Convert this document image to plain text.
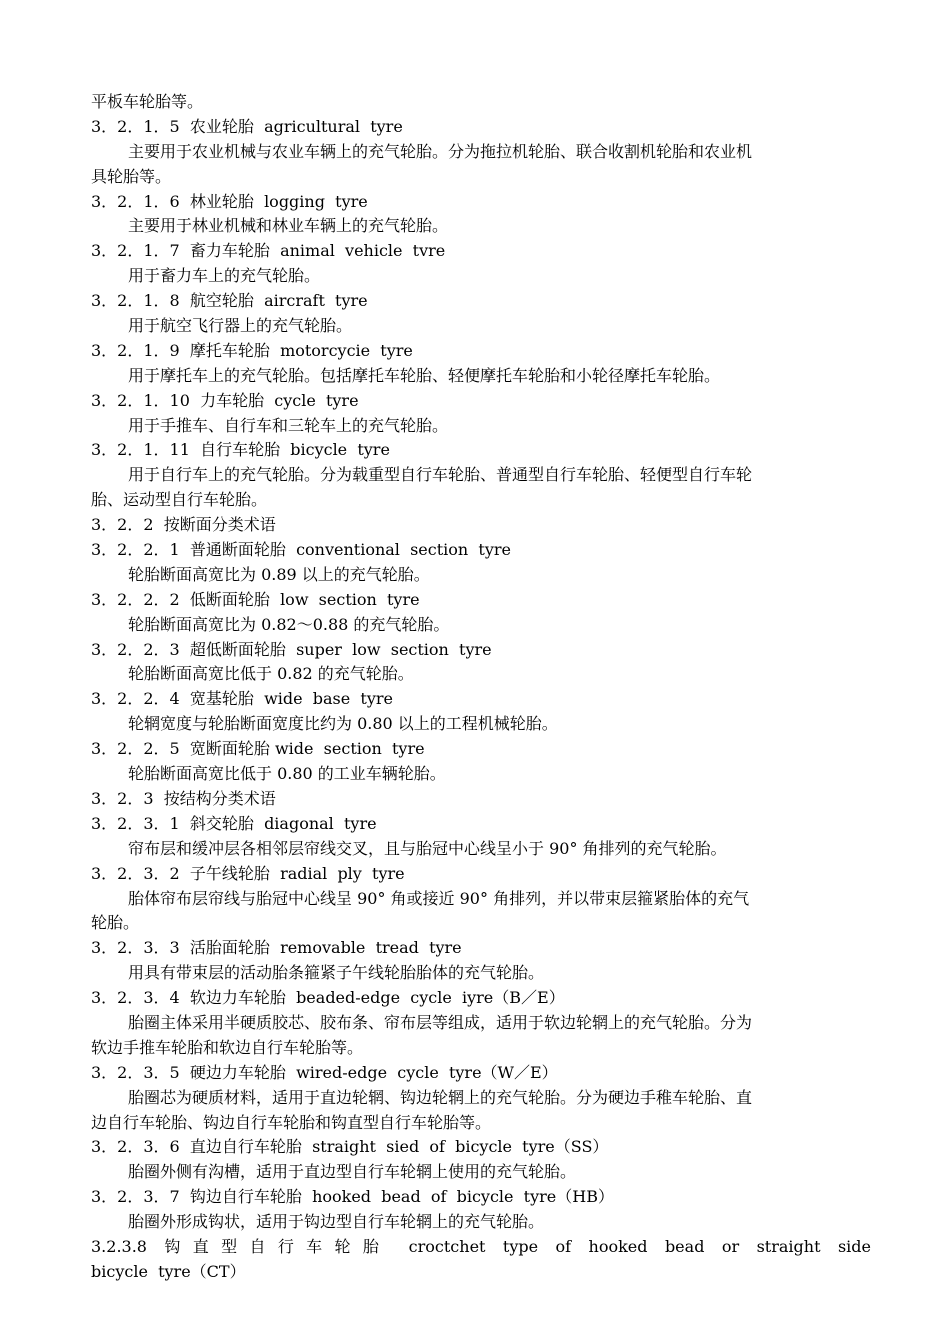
平板车轮胎等。
3．2．1．5  农业轮胎  agricultural  tyre
主要用于农业机械与农业车辆上的充气轮胎。分为拖拉机轮胎、联合收割机轮胎和农业机
具轮胎等。
3．2．1．6  林业轮胎  logging  tyre
主要用于林业机械和林业车辆上的充气轮胎。
3．2．1．7  畜力车轮胎  animal  vehicle  tvre
用于畜力车上的充气轮胎。
3．2．1．8  航空轮胎  aircraft  tyre
用于航空飞行器上的充气轮胎。
3．2．1．9  摩托车轮胎  motorcycie  tyre
用于摩托车上的充气轮胎。包括摩托车轮胎、轻便摩托车轮胎和小轮径摩托车轮胎。
3．2．1．10  力车轮胎  cycle  tyre
用于手推车、自行车和三轮车上的充气轮胎。
3．2．1．11  自行车轮胎  bicycle  tyre
用于自行车上的充气轮胎。分为载重型自行车轮胎、普通型自行车轮胎、轻便型自行车轮
胎、运动型自行车轮胎。
3．2．2  按断面分类术语
3．2．2．1  普通断面轮胎  conventional  section  tyre
轮胎断面高宽比为 0.89 以上的充气轮胎。
3．2．2．2  低断面轮胎  low  section  tyre
轮胎断面高宽比为 0.82～0.88 的充气轮胎。
3．2．2．3  超低断面轮胎  super  low  section  tyre
轮胎断面高宽比低于 0.82 的充气轮胎。
3．2．2．4  宽基轮胎  wide  base  tyre
轮辋宽度与轮胎断面宽度比约为 0.80 以上的工程机械轮胎。
3．2．2．5  宽断面轮胎 wide  section  tyre
轮胎断面高宽比低于 0.80 的工业车辆轮胎。
3．2．3  按结构分类术语
3．2．3．1  斜交轮胎  diagonal  tyre
帘布层和缓冲层各相邻层帘线交叉，且与胎冠中心线呈小于 90° 角排列的充气轮胎。
3．2．3．2  子午线轮胎  radial  ply  tyre
胎体帘布层帘线与胎冠中心线呈 90° 角或接近 90° 角排列，并以带束层箍紧胎体的充气
轮胎。
3．2．3．3  活胎面轮胎  removable  tread  tyre
用具有带束层的活动胎条箍紧子午线轮胎胎体的充气轮胎。
3．2．3．4  软边力车轮胎  beaded-edge  cycle  iyre（B／E）
胎圈主体采用半硬质胶芯、胶布条、帘布层等组成，适用于软边轮辋上的充气轮胎。分为
软边手推车轮胎和软边自行车轮胎等。
3．2．3．5  硬边力车轮胎  wired-edge  cycle  tyre（W／E）
胎圈芯为硬质材料，适用于直边轮辋、钩边轮辋上的充气轮胎。分为硬边手稚车轮胎、直
边自行车轮胎、钩边自行车轮胎和钩直型自行车轮胎等。
3．2．3．6  直边自行车轮胎  straight  sied  of  bicycle  tyre（SS）
胎圈外侧有沟槽，适用于直边型自行车轮辋上使用的充气轮胎。
3．2．3．7  钩边自行车轮胎  hooked  bead  of  bicycle  tyre（HB）
胎圈外形成钩状，适用于钩边型自行车轮辋上的充气轮胎。
3.2.3.8 钩直型自行车轮胎 croctchet type of hooked bead or straight side
bicycle  tyre（CT）
